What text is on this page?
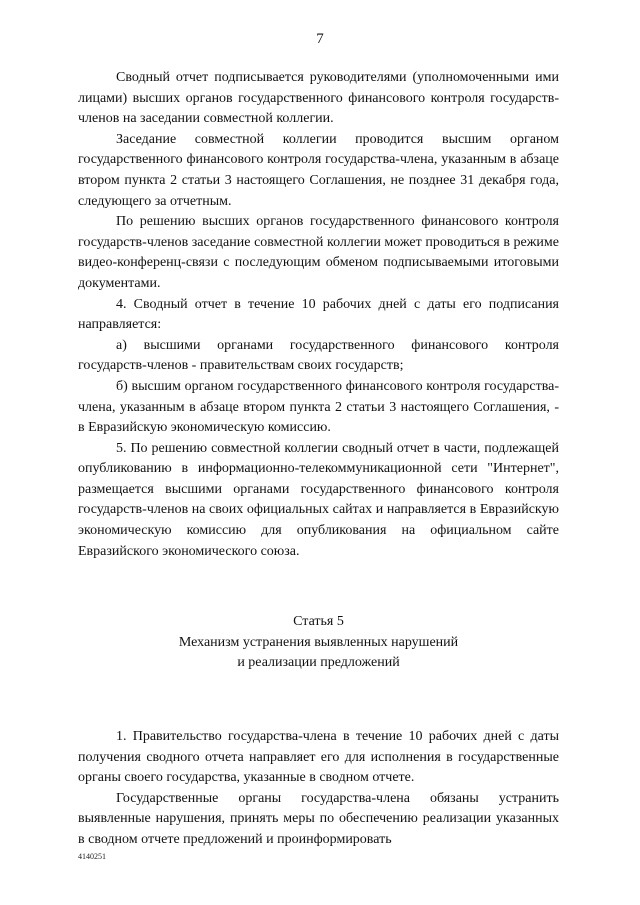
7

Сводный отчет подписывается руководителями (уполномоченными ими лицами) высших органов государственного финансового контроля государств-членов на заседании совместной коллегии.

Заседание совместной коллегии проводится высшим органом государственного финансового контроля государства-члена, указанным в абзаце втором пункта 2 статьи 3 настоящего Соглашения, не позднее 31 декабря года, следующего за отчетным.

По решению высших органов государственного финансового контроля государств-членов заседание совместной коллегии может проводиться в режиме видео-конференц-связи с последующим обменом подписываемыми итоговыми документами.

4. Сводный отчет в течение 10 рабочих дней с даты его подписания направляется:

а) высшими органами государственного финансового контроля государств-членов - правительствам своих государств;

б) высшим органом государственного финансового контроля государства-члена, указанным в абзаце втором пункта 2 статьи 3 настоящего Соглашения, - в Евразийскую экономическую комиссию.

5. По решению совместной коллегии сводный отчет в части, подлежащей опубликованию в информационно-телекоммуникационной сети "Интернет", размещается высшими органами государственного финансового контроля государств-членов на своих официальных сайтах и направляется в Евразийскую экономическую комиссию для опубликования на официальном сайте Евразийского экономического союза.

Статья 5

Механизм устранения выявленных нарушений

и реализации предложений

1. Правительство государства-члена в течение 10 рабочих дней с даты получения сводного отчета направляет его для исполнения в государственные органы своего государства, указанные в сводном отчете.

Государственные органы государства-члена обязаны устранить выявленные нарушения, принять меры по обеспечению реализации указанных в сводном отчете предложений и проинформировать

4140251
